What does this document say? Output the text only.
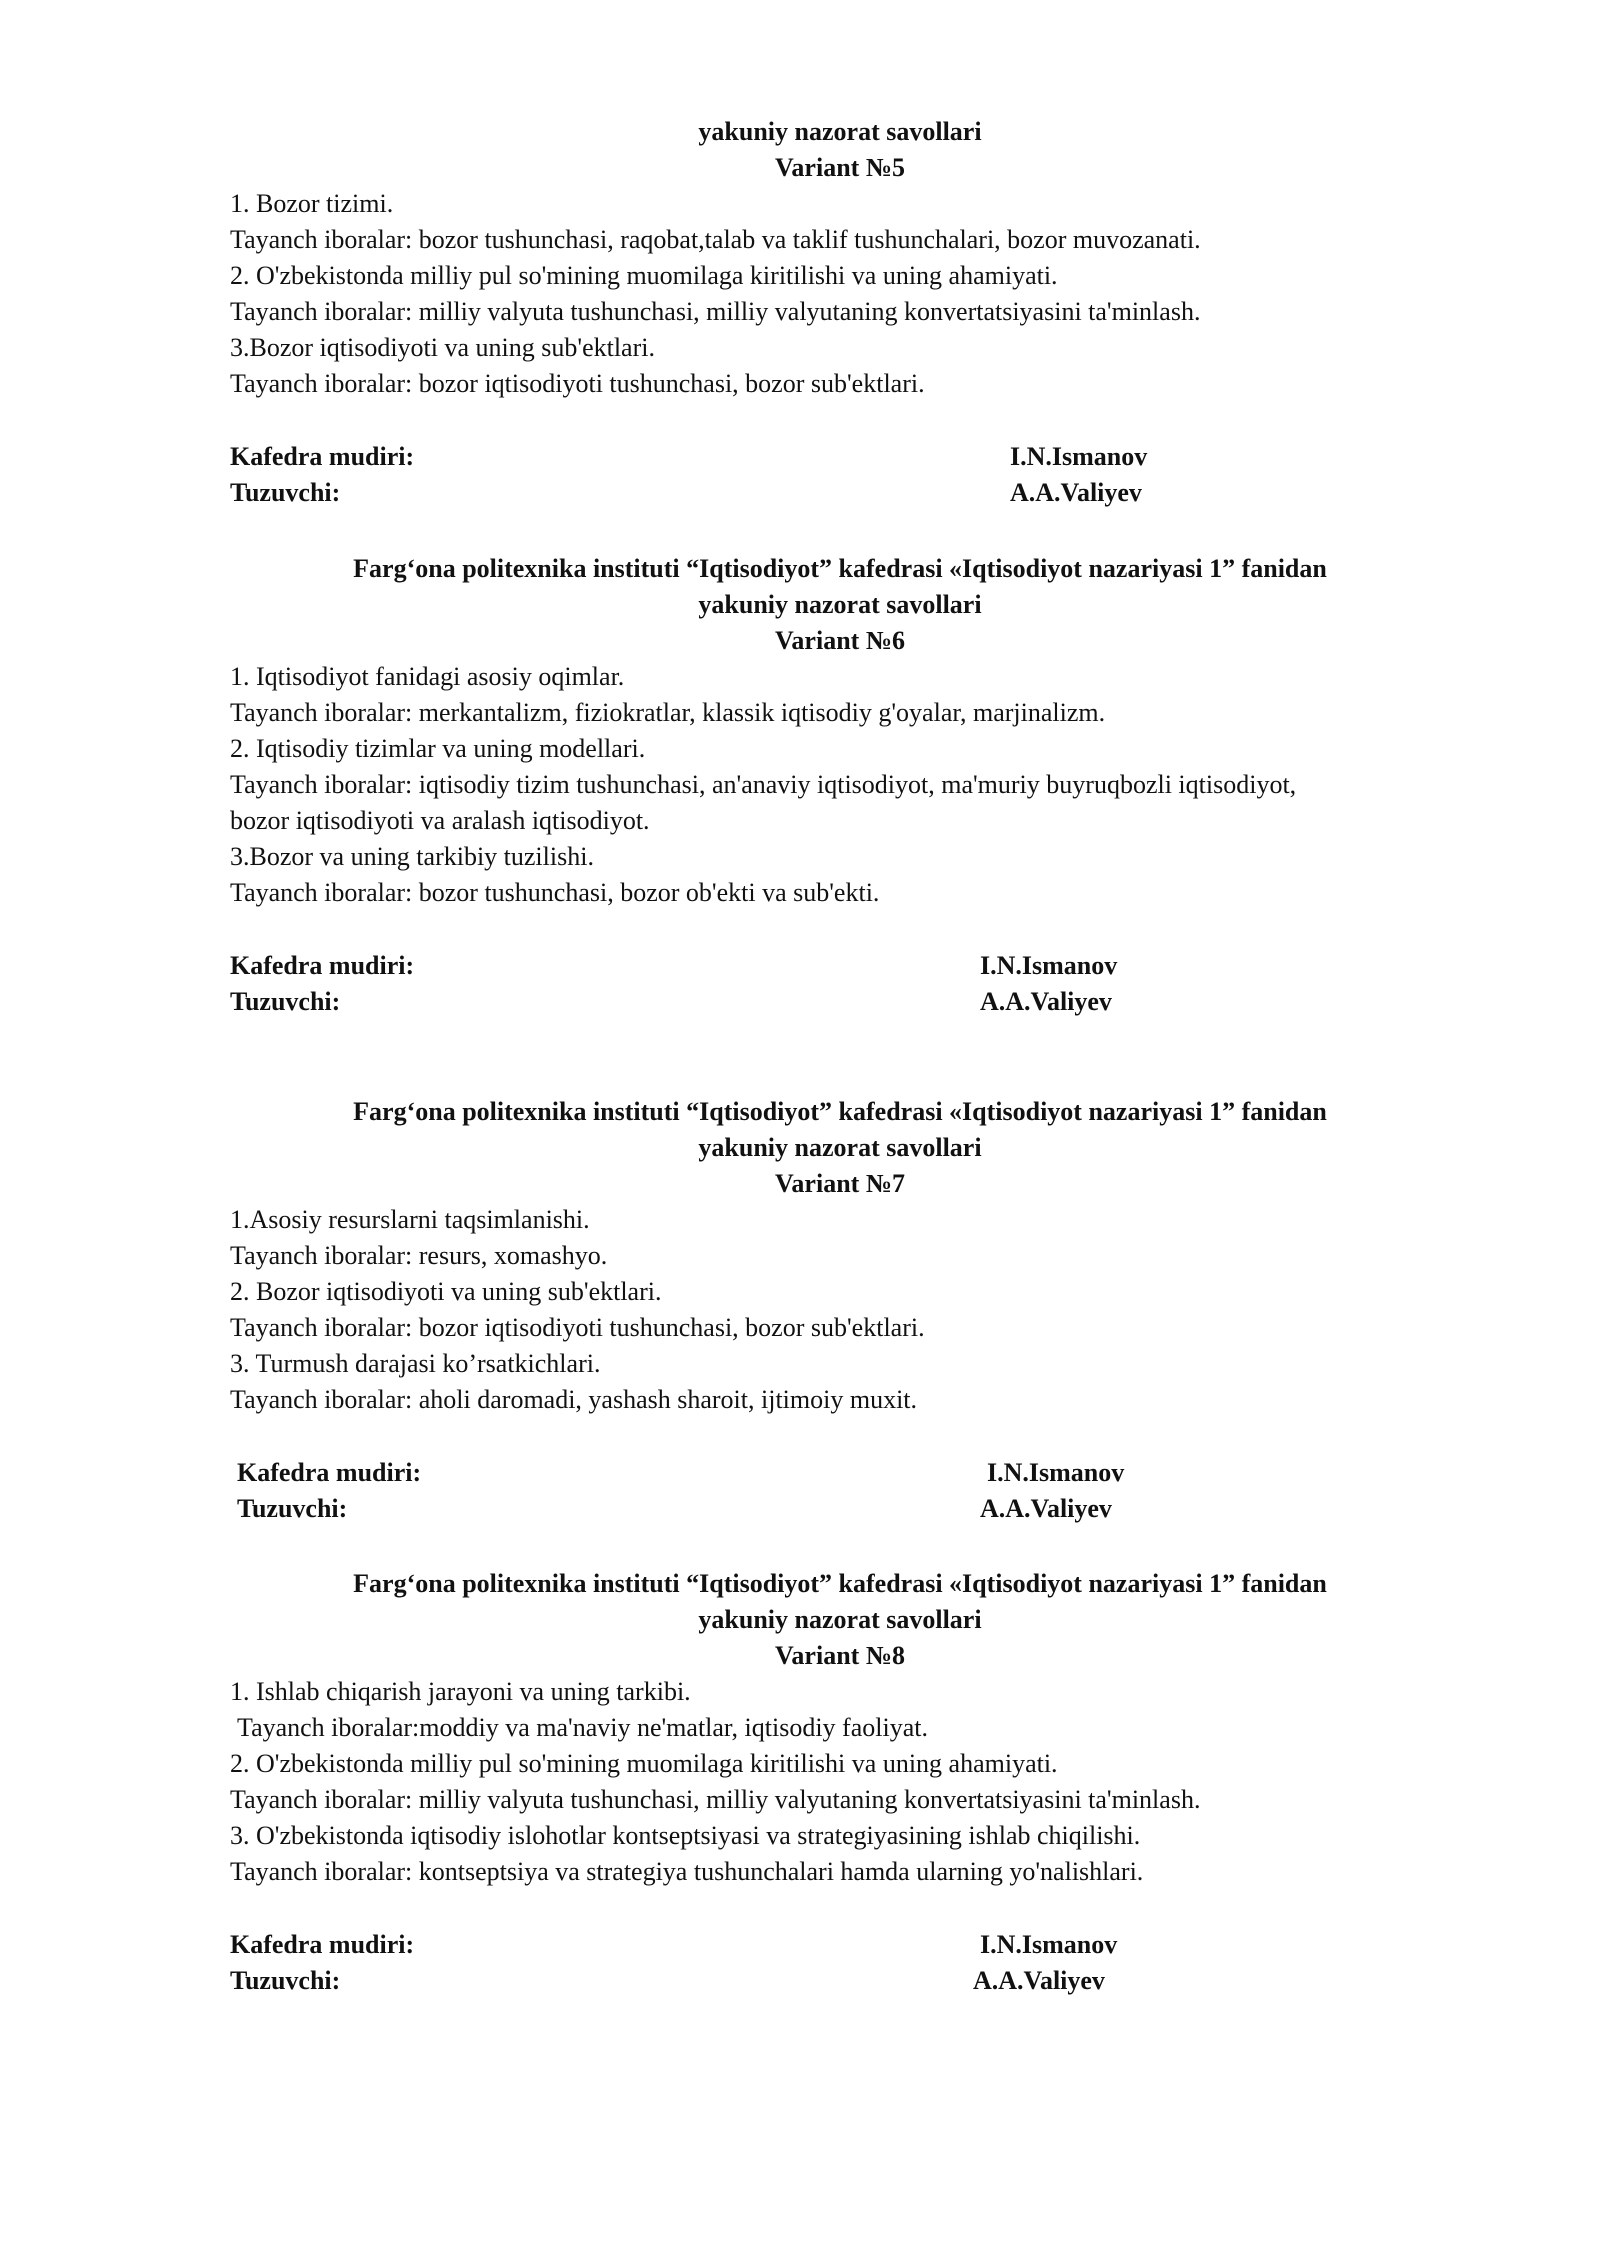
yakuniy nazorat savollari
Variant №5
1. Bozor tizimi.
Tayanch iboralar: bozor tushunchasi, raqobat,talab va taklif tushunchalari, bozor muvozanati.
2. O'zbekistonda milliy pul so'mining muomilaga kiritilishi va uning ahamiyati.
Tayanch iboralar: milliy valyuta tushunchasi, milliy valyutaning konvertatsiyasini ta'minlash.
3.Bozor iqtisodiyoti va uning sub'ektlari.
Tayanch iboralar: bozor iqtisodiyoti tushunchasi, bozor sub'ektlari.
Kafedra mudiri:	I.N.Ismanov
Tuzuvchi:	A.A.Valiyev
Farg‘ona politexnika instituti “Iqtisodiyot” kafedrasi «Iqtisodiyot nazariyasi 1” fanidan
yakuniy nazorat savollari
Variant №6
1. Iqtisodiyot fanidagi asosiy oqimlar.
Tayanch iboralar: merkantalizm, fiziokratlar, klassik iqtisodiy g'oyalar, marjinalizm.
2. Iqtisodiy tizimlar va uning modellari.
Tayanch iboralar: iqtisodiy tizim tushunchasi, an'anaviy iqtisodiyot, ma'muriy buyruqbozli iqtisodiyot,
bozor iqtisodiyoti va aralash iqtisodiyot.
3.Bozor va uning tarkibiy tuzilishi.
Tayanch iboralar: bozor tushunchasi, bozor ob'ekti va sub'ekti.
Kafedra mudiri:	I.N.Ismanov
Tuzuvchi:	A.A.Valiyev
Farg‘ona politexnika instituti “Iqtisodiyot” kafedrasi «Iqtisodiyot nazariyasi 1” fanidan
yakuniy nazorat savollari
Variant №7
1.Asosiy resurslarni taqsimlanishi.
Tayanch iboralar: resurs, xomashyo.
2. Bozor iqtisodiyoti va uning sub'ektlari.
Tayanch iboralar: bozor iqtisodiyoti tushunchasi, bozor sub'ektlari.
3. Turmush darajasi ko’rsatkichlari.
Tayanch iboralar: aholi daromadi, yashash sharoit, ijtimoiy muxit.
Kafedra mudiri:	I.N.Ismanov
Tuzuvchi:	A.A.Valiyev
Farg‘ona politexnika instituti “Iqtisodiyot” kafedrasi «Iqtisodiyot nazariyasi 1” fanidan
yakuniy nazorat savollari
Variant №8
1. Ishlab chiqarish jarayoni va uning tarkibi.
Tayanch iboralar:moddiy va ma'naviy ne'matlar, iqtisodiy faoliyat.
2. O'zbekistonda milliy pul so'mining muomilaga kiritilishi va uning ahamiyati.
Tayanch iboralar: milliy valyuta tushunchasi, milliy valyutaning konvertatsiyasini ta'minlash.
3. O'zbekistonda iqtisodiy islohotlar kontseptsiyasi va strategiyasining ishlab chiqilishi.
Tayanch iboralar: kontseptsiya va strategiya tushunchalari hamda ularning yo'nalishlari.
Kafedra mudiri:	I.N.Ismanov
Tuzuvchi:	A.A.Valiyev
